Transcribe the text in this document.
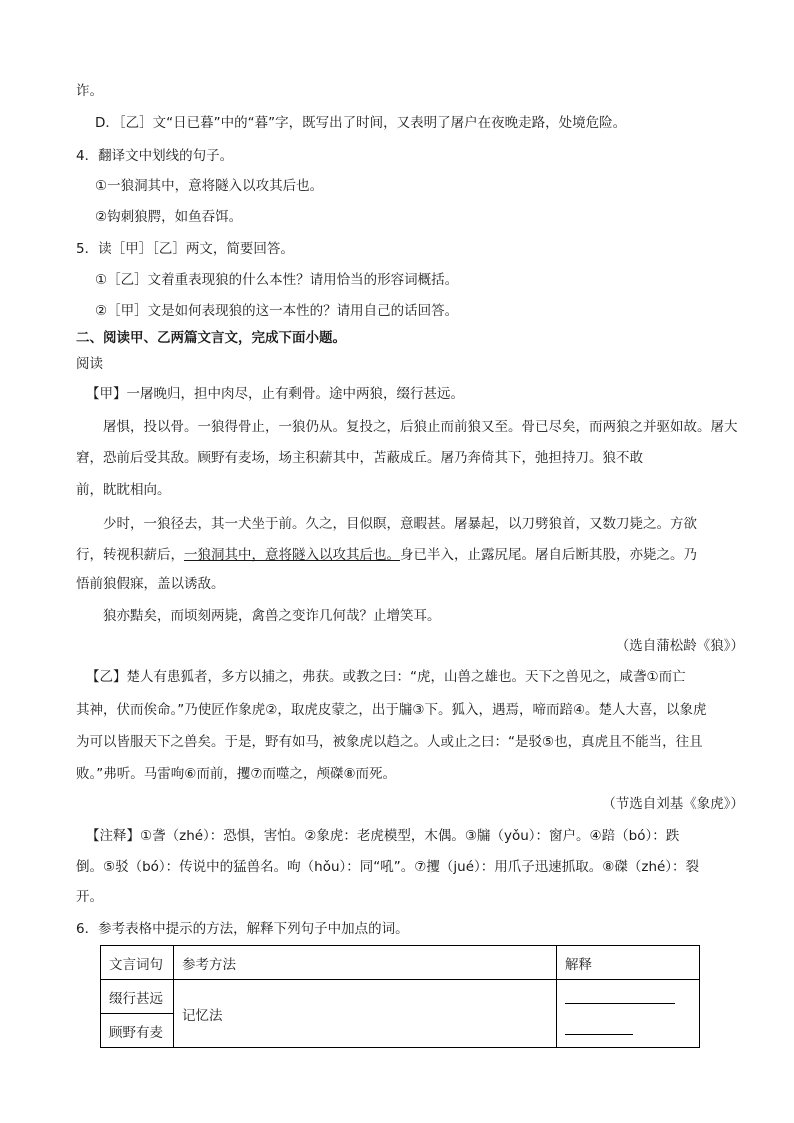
诈。
D．［乙］文“日已暮”中的“暮”字，既写出了时间，又表明了屠户在夜晚走路，处境危险。
4．翻译文中划线的句子。
①一狼洞其中，意将隧入以攻其后也。
②钩刺狼腭，如鱼吞饵。
5．读［甲］［乙］两文，简要回答。
①［乙］文着重表现狼的什么本性？请用恰当的形容词概括。
②［甲］文是如何表现狼的这一本性的？请用自己的话回答。
二、阅读甲、乙两篇文言文，完成下面小题。
阅读
【甲】一屠晚归，担中肉尽，止有剩骨。途中两狼，缀行甚远。
屠惧，投以骨。一狼得骨止，一狼仍从。复投之，后狼止而前狼又至。骨已尽矣，而两狼之并驱如故。屠大
窘，恐前后受其敌。顾野有麦场，场主积薪其中，苫蔽成丘。屠乃奔倚其下，弛担持刀。狼不敢
前，眈眈相向。
少时，一狼径去，其一犬坐于前。久之，目似瞑，意暇甚。屠暴起，以刀劈狼首，又数刀毙之。方欲
行，转视积薪后，一狼洞其中，意将隧入以攻其后也。身已半入，止露尻尾。屠自后断其股，亦毙之。乃
悟前狼假寐，盖以诱敌。
狼亦黠矣，而顷刻两毙，禽兽之变诈几何哉？止增笑耳。
（选自蒲松龄《狼》）
【乙】楚人有患狐者，多方以捕之，弗获。或教之曰：“虎，山兽之雄也。天下之兽见之，咸詟①而亡
其神，伏而俟命。”乃使匠作象虎②，取虎皮蒙之，出于牖③下。狐入，遇焉，啼而踣④。楚人大喜，以象虎
为可以皆服天下之兽矣。于是，野有如马，被象虎以趋之。人或止之曰：“是驳⑤也，真虎且不能当，往且
败。”弗听。马雷呴⑥而前，攫⑦而噬之，颅磔⑧而死。
（节选自刘基《象虎》）
【注释】①詟（zhé）：恐惧，害怕。②象虎：老虎模型，木偶。③牖（yǒu）：窗户。④踣（bó）：跌
倒。⑤驳（bó）：传说中的猛兽名。呴（hǒu）：同“吼”。⑦攫（jué）：用爪子迅速抓取。⑧磔（zhé）：裂
开。
6．参考表格中提示的方法，解释下列句子中加点的词。
文言词句	参考方法	解释
缀行甚远	记忆法	

顾野有麦		
